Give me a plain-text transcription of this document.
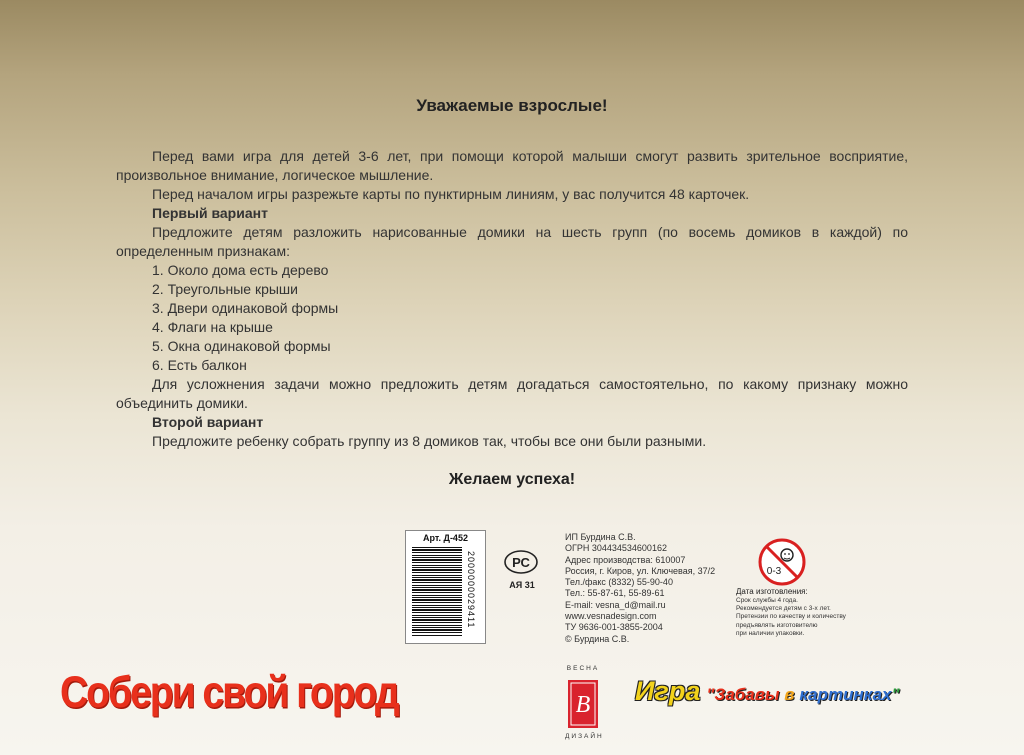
Уважаемые взрослые!

Перед вами игра для детей 3-6 лет, при помощи которой малыши смогут развить зрительное восприятие, произвольное внимание, логическое мышление.

Перед началом игры разрежьте карты по пунктирным линиям, у вас получится 48 карточек.

Первый вариант

Предложите детям разложить нарисованные домики на шесть групп (по восемь домиков в каждой) по определенным признакам:

1. Около дома есть дерево

2. Треугольные крыши

3. Двери одинаковой формы

4. Флаги на крыше

5. Окна одинаковой формы

6. Есть балкон

Для усложнения задачи можно предложить детям догадаться самостоятельно, по какому признаку можно объединить домики.

Второй вариант

Предложите ребенку собрать группу из 8 домиков так, чтобы все они были разными.

Желаем успеха!
Арт. Д-452
2000000029411	РС
АЯ 31
ИП Бурдина С.В.
ОГРН 304434534600162
Адрес производства: 610007
Россия, г. Киров, ул. Ключевая, 37/2
Тел./факс (8332) 55-90-40
Тел.: 55-87-61, 55-89-61
E-mail: vesna_d@mail.ru
www.vesnadesign.com
ТУ 9636-001-3855-2004
© Бурдина С.В.
0-3
Дата изготовления:
Срок службы 4 года.
Рекомендуется детям с 3-х лет.
Претензии по качеству и количеству
предъявлять изготовителю
при наличии упаковки.
Собери свой город	ВЕСНА
В
ДИЗАЙН
Игра "Забавы в картинках"
